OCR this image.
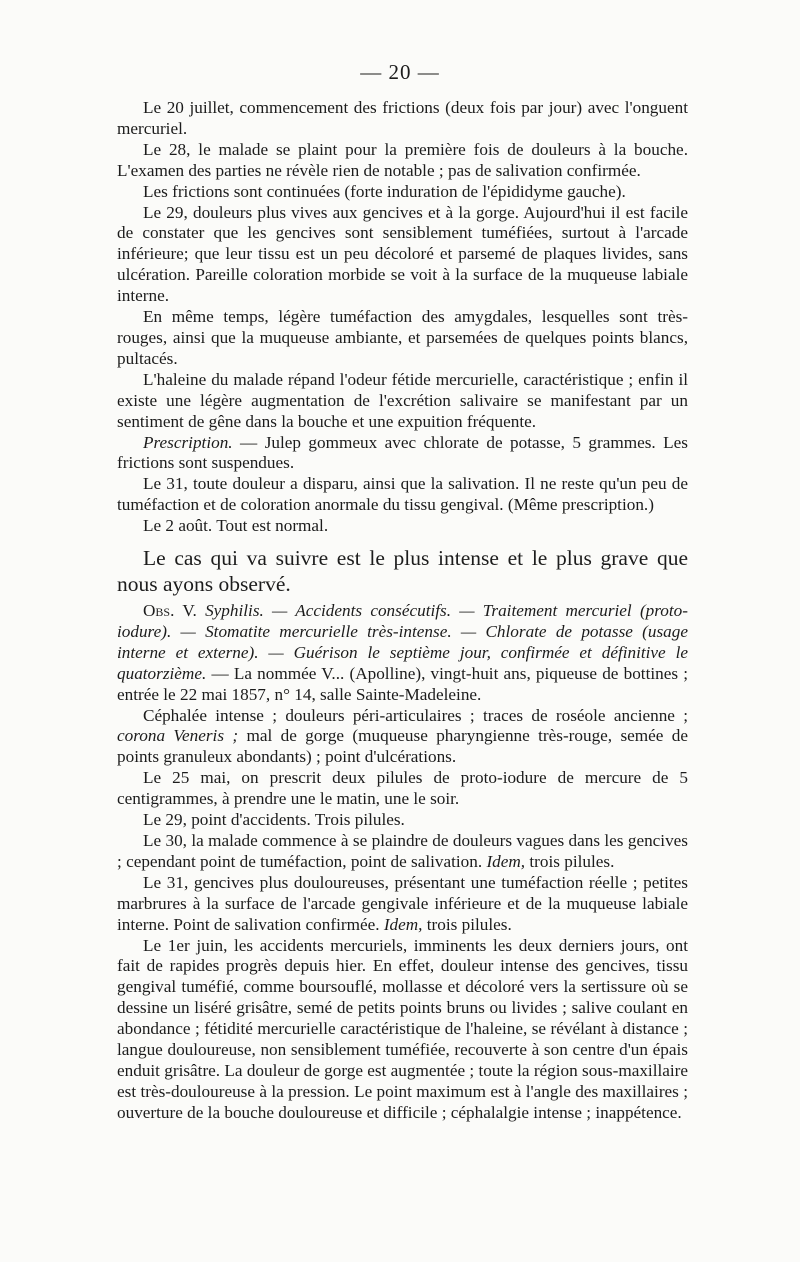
— 20 —

Le 20 juillet, commencement des frictions (deux fois par jour) avec l'onguent mercuriel.

Le 28, le malade se plaint pour la première fois de douleurs à la bouche. L'examen des parties ne révèle rien de notable ; pas de salivation confirmée.

Les frictions sont continuées (forte induration de l'épididyme gauche).

Le 29, douleurs plus vives aux gencives et à la gorge. Aujourd'hui il est facile de constater que les gencives sont sensiblement tuméfiées, surtout à l'arcade inférieure; que leur tissu est un peu décoloré et parsemé de plaques livides, sans ulcération. Pareille coloration morbide se voit à la surface de la muqueuse labiale interne.

En même temps, légère tuméfaction des amygdales, lesquelles sont très-rouges, ainsi que la muqueuse ambiante, et parsemées de quelques points blancs, pultacés.

L'haleine du malade répand l'odeur fétide mercurielle, caractéristique ; enfin il existe une légère augmentation de l'excrétion salivaire se manifestant par un sentiment de gêne dans la bouche et une expuition fréquente.

Prescription. — Julep gommeux avec chlorate de potasse, 5 grammes. Les frictions sont suspendues.

Le 31, toute douleur a disparu, ainsi que la salivation. Il ne reste qu'un peu de tuméfaction et de coloration anormale du tissu gengival. (Même prescription.)

Le 2 août. Tout est normal.

Le cas qui va suivre est le plus intense et le plus grave que nous ayons observé.

Obs. V. Syphilis. — Accidents consécutifs. — Traitement mercuriel (proto-iodure). — Stomatite mercurielle très-intense. — Chlorate de potasse (usage interne et externe). — Guérison le septième jour, confirmée et définitive le quatorzième. — La nommée V... (Apolline), vingt-huit ans, piqueuse de bottines ; entrée le 22 mai 1857, n° 14, salle Sainte-Madeleine.

Céphalée intense ; douleurs péri-articulaires ; traces de roséole ancienne ; corona Veneris ; mal de gorge (muqueuse pharyngienne très-rouge, semée de points granuleux abondants) ; point d'ulcérations.

Le 25 mai, on prescrit deux pilules de proto-iodure de mercure de 5 centigrammes, à prendre une le matin, une le soir.

Le 29, point d'accidents. Trois pilules.

Le 30, la malade commence à se plaindre de douleurs vagues dans les gencives ; cependant point de tuméfaction, point de salivation. Idem, trois pilules.

Le 31, gencives plus douloureuses, présentant une tuméfaction réelle ; petites marbrures à la surface de l'arcade gengivale inférieure et de la muqueuse labiale interne. Point de salivation confirmée. Idem, trois pilules.

Le 1er juin, les accidents mercuriels, imminents les deux derniers jours, ont fait de rapides progrès depuis hier. En effet, douleur intense des gencives, tissu gengival tuméfié, comme boursouflé, mollasse et décoloré vers la sertissure où se dessine un liséré grisâtre, semé de petits points bruns ou livides ; salive coulant en abondance ; fétidité mercurielle caractéristique de l'haleine, se révélant à distance ; langue douloureuse, non sensiblement tuméfiée, recouverte à son centre d'un épais enduit grisâtre. La douleur de gorge est augmentée ; toute la région sous-maxillaire est très-douloureuse à la pression. Le point maximum est à l'angle des maxillaires ; ouverture de la bouche douloureuse et difficile ; céphalalgie intense ; inappétence.
